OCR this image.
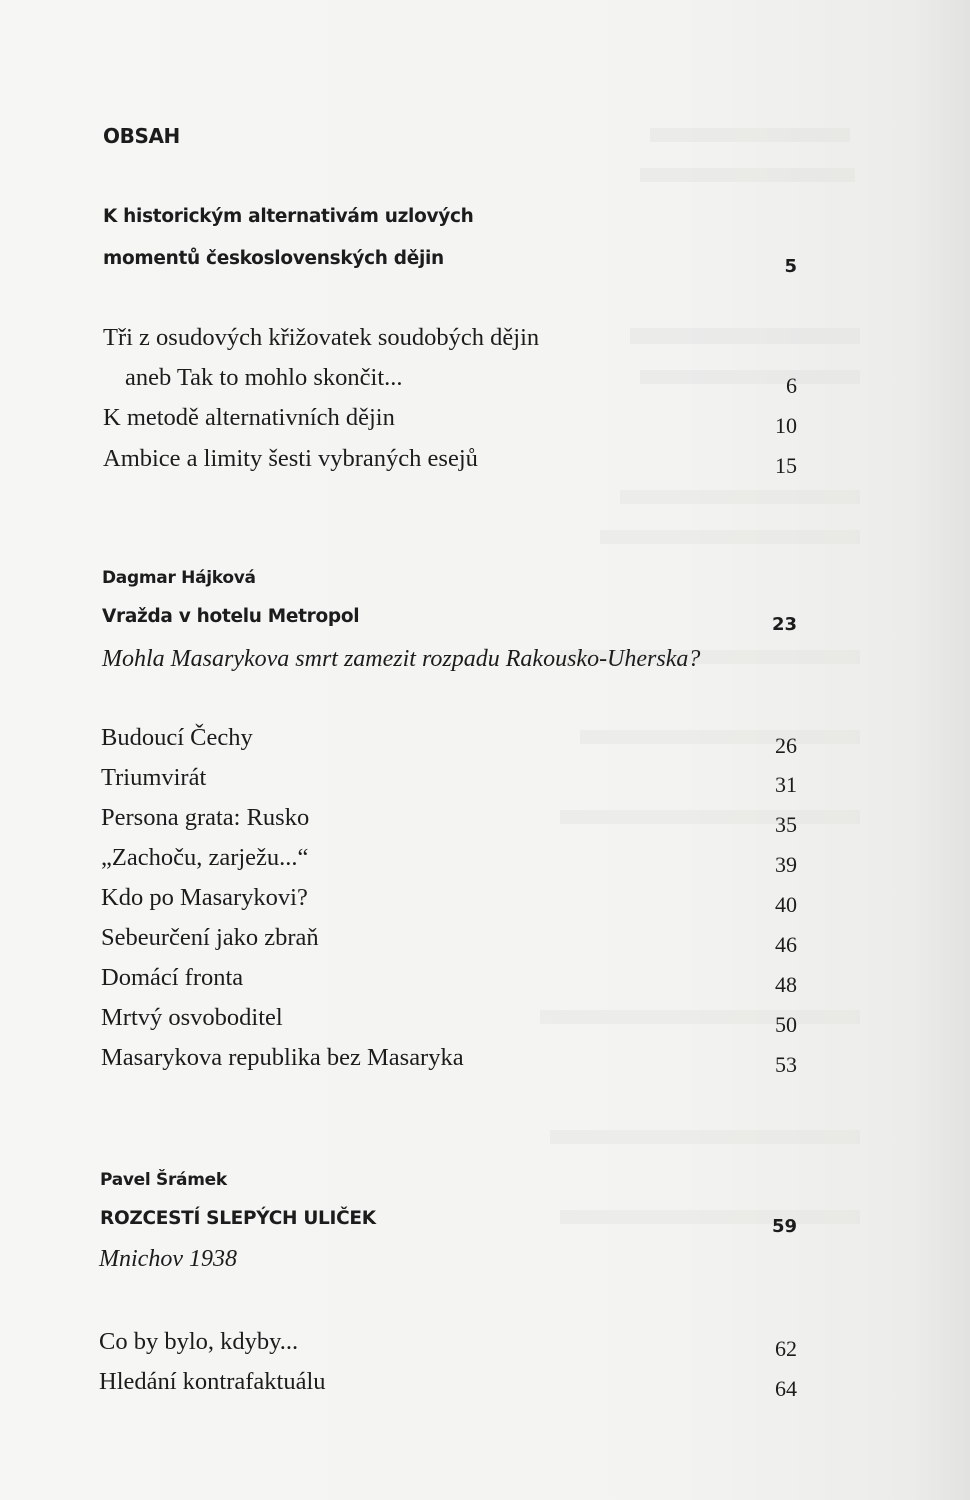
OBSAH
K historickým alternativám uzlových
momentů československých dějin	5
Tři z osudových křižovatek soudobých dějin
aneb Tak to mohlo skončit...	6
K metodě alternativních dějin	10
Ambice a limity šesti vybraných esejů	15
Dagmar Hájková
Vražda v hotelu Metropol	23
Mohla Masarykova smrt zamezit rozpadu Rakousko-Uherska?
Budoucí Čechy	26
Triumvirát	31
Persona grata: Rusko	35
„Zachoču, zarježu...“	39
Kdo po Masarykovi?	40
Sebeurčení jako zbraň	46
Domácí fronta	48
Mrtvý osvoboditel	50
Masarykova republika bez Masaryka	53
Pavel Šrámek
ROZCESTÍ SLEPÝCH ULIČEK	59
Mnichov 1938
Co by bylo, kdyby...	62
Hledání kontrafaktuálu	64
